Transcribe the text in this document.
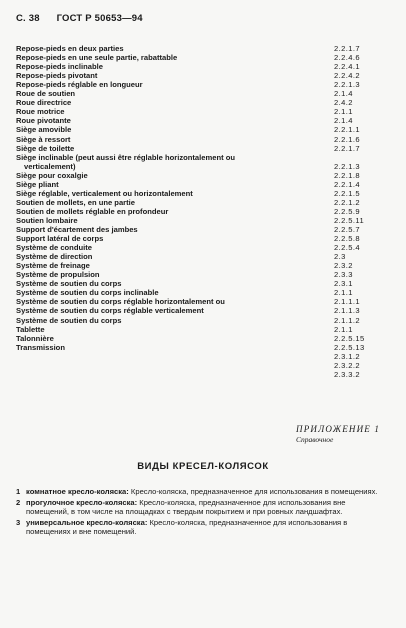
С. 38 ГОСТ Р 50653—94
Repose-pieds en deux parties	2.2.1.7
Repose-pieds en une seule partie, rabattable	2.2.4.6
Repose-pieds inclinable	2.2.4.1
Repose-pieds pivotant	2.2.4.2
Repose-pieds réglable en longueur	2.2.1.3
Roue de soutien	2.1.4
Roue directrice	2.4.2
Roue motrice	2.1.1
Roue pivotante	2.1.4
Siège amovible	2.2.1.1
Siège à ressort	2.2.1.6
Siège de toilette	2.2.1.7
Siège inclinable (peut aussi être réglable horizontalement ou
verticalement)	2.2.1.3
Siège pour coxalgie	2.2.1.8
Siège pliant	2.2.1.4
Siège réglable, verticalement ou horizontalement	2.2.1.5
Soutien de mollets, en une partie	2.2.1.2
Soutien de mollets réglable en profondeur	2.2.5.9
Soutien lombaire	2.2.5.11
Support d'écartement des jambes	2.2.5.7
Support latéral de corps	2.2.5.8
Système de conduite	2.2.5.4
Système de direction	2.3
Système de freinage	2.3.2
Système de propulsion	2.3.3
Système de soutien du corps	2.3.1
Système de soutien du corps inclinable	2.1.1
Système de soutien du corps réglable horizontalement ou	2.1.1.1
Système de soutien du corps réglable verticalement	2.1.1.3
Système de soutien du corps	2.1.1.2
Tablette	2.1.1
Talonnière	2.2.5.15
Transmission	2.2.5.13
2.3.1.2
2.3.2.2
2.3.3.2
ПРИЛОЖЕНИЕ 1
Справочное
ВИДЫ КРЕСЕЛ-КОЛЯСОК
1 комнатное кресло-коляска: Кресло-коляска, предназначенное для использования в помещениях.
2 прогулочное кресло-коляска: Кресло-коляска, предназначенное для использования вне помещений, в том числе на площадках с твердым покрытием и при ровных ландшафтах.
3 универсальное кресло-коляска: Кресло-коляска, предназначенное для использования в помещениях и вне помещений.
